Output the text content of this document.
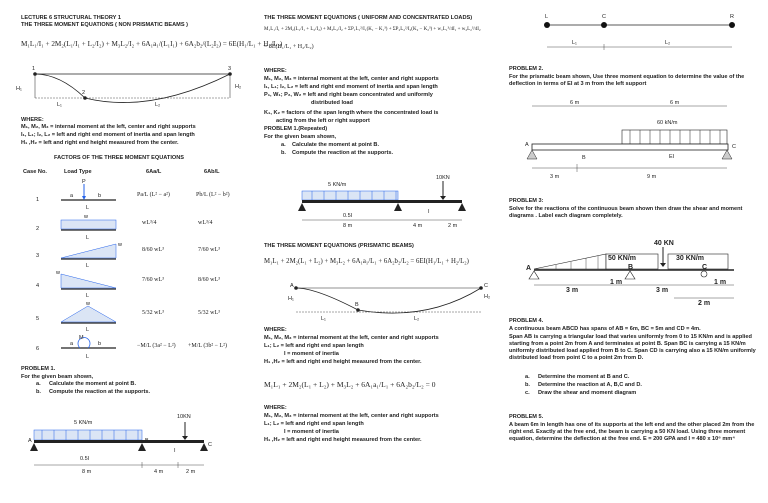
LECTURE 6 STRUCTURAL THEORY 1
THE THREE MOMENT EQUATIONS ( NON PRISMATIC BEAMS )
M₁L₁/I₁ + 2M₂(L₁/I₁ + L₂/I₂) + M₃L₂/I₂ + 6A₁a₁/(L₁I₁) + 6A₂b₂/(L₂I₂) = 6E(H₁/L₁ + H₂/L₂)
H₁	H₂
1
2
3
L₁	L₂
WHERE:
M₁, M₂, M₃ = internal moment at the left, center and right supports
I₁, L₁; I₂, L₂ = left and right end moment of inertia and span length
H₁ ,H₂ = left and right end height measured from the center.
FACTORS OF THE THREE MOMENT EQUATIONS
Case No.	Load Type	6Aa/L	6Ab/L
1
P
a	b
L
Pa/L (L² − a²)	Pb/L (L² − b²)
2
w
L
wL³/4	wL³/4
3
w
L
8/60 wL³	7/60 wL³
4
w
L
7/60 wL³	8/60 wL³
5
w
L
5/32 wL³	5/32 wL³
6
a
M
b
L
−M/L (3a² − L²) +M/L (3b² − L²)
PROBLEM 1.
For the given beam shown,
a. Calculate the moment at point B.
b. Compute the reaction at the supports.
5 KN/m
10KN
0.5I
I
A	B
C
8 m	4 m	2 m
THE THREE MOMENT EQUATIONS ( UNIFORM AND CONCENTRATED LOADS)
M₁L₁/I₁ + 2M₂(L₁/I₁ + L₂/I₂) + M₃L₂/I₂ + ΣP₁L₁²/I₁(K₁ − K₁³) + ΣP₂L₂²/I₂(K₂ − K₂³) + w₁L₁³/4I₁ + w₂L₂³/4I₂
= 6E(H₁/L₁ + H₂/L₂)
WHERE:
M₁, M₂, M₃ = internal moment at the left, center and right supports
I₁, L₁; I₂, L₂ = left and right end moment of inertia and span length
P₁, W₁; P₂, W₂ = left and right beam concentrated and uniformly
distributed load
K₁, K₂ = factors of the span length where the concentrated load is
acting from the left or right support
PROBLEM 1.(Repeated)
For the given beam shown,
a. Calculate the moment at point B.
b. Compute the reaction at the supports.
5 KN/m
10KN
0.5I
I
8 m	4 m	2 m
THE THREE MOMENT EQUATIONS (PRISMATIC BEAMS)
M₁L₁ + 2M₂(L₁ + L₂) + M₃L₂ + 6A₁a₁/L₁ + 6A₂b₂/L₂ = 6EI(H₁/L₁ + H₂/L₂)
H₁	H₂
A
B
C
L₁	L₂
WHERE:
M₁, M₂, M₃ = internal moment at the left, center and right supports
L₁; L₂ = left and right end span length
I = moment of inertia
H₁ ,H₂ = left and right end height measured from the center.
M₁L₁ + 2M₂(L₁ + L₂) + M₃L₂ + 6A₁a₁/L₁ + 6A₂b₂/L₂ = 0
WHERE:
M₁, M₂, M₃ = internal moment at the left, center and right supports
L₁; L₂ = left and right end span length
I = moment of inertia
H₁ ,H₂ = left and right end height measured from the center.
L	C	R
L₁	L₂
PROBLEM 2.
For the prismatic beam shown, Use three moment equation to determine the value of the deflection in terms of EI at 3 m from the left support
6 m	6 m
60 kN/m
A
B	EI
C
3 m	9 m
PROBLEM 3:
Solve for the reactions of the continuous beam shown then draw the shear and moment diagrams . Label each diagram completely.
40 KN
50 KN/m	30 KN/m
A	B	C
3 m
1 m
3 m
1 m
2 m
PROBLEM 4.
A continuous beam ABCD has spans of AB = 6m, BC = 5m and CD = 4m.
Span AB is carrying a triangular load that varies uniformly from 0 to 15 KN/m and is applied starting from a point 2m from A and terminates at point B. Span BC is carrying a 15 KN/m uniformly distributed load applied from B to C. Span CD is carrying also a 15 KN/m uniformly distributed load from point C to a point 2m from D.
a. Determine the moment at B and C.
b. Determine the reaction at A, B,C and D.
c. Draw the shear and moment diagram
PROBLEM 5.
A beam 6m in length has one of its supports at the left end and the other placed 2m from the right end. Exactly at the free end, the beam is carrying a 50 KN load. Using three moment equation, determine the deflection at the free end. E = 200 GPA and I = 480 x 10⁶ mm⁴
